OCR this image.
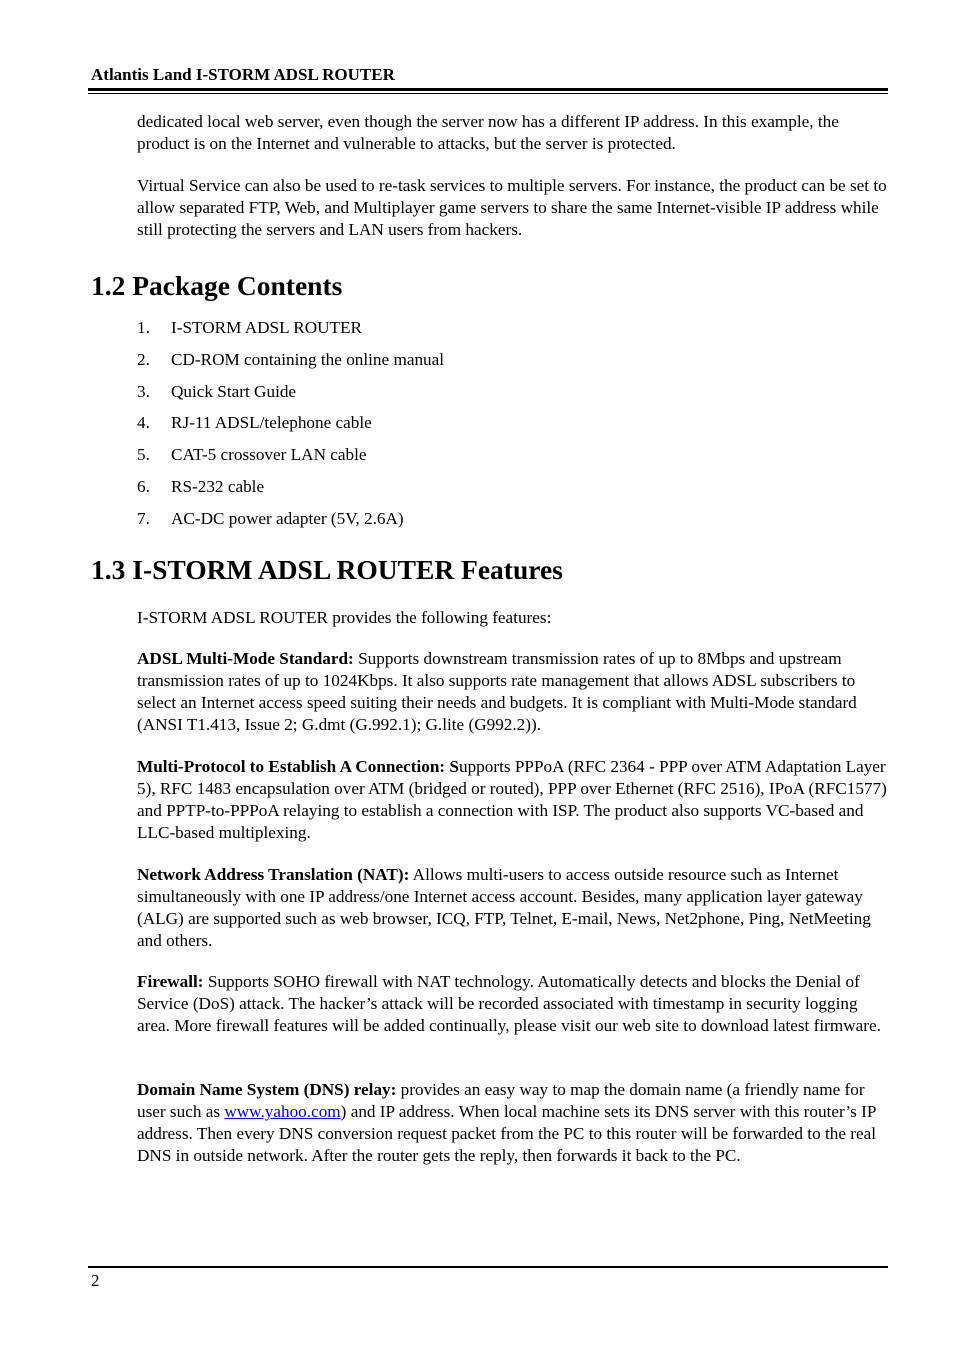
Atlantis Land I-STORM ADSL ROUTER
dedicated local web server, even though the server now has a different IP address. In this example, the product is on the Internet and vulnerable to attacks, but the server is protected.
Virtual Service can also be used to re-task services to multiple servers. For instance, the product can be set to allow separated FTP, Web, and Multiplayer game servers to share the same Internet-visible IP address while still protecting the servers and LAN users from hackers.
1.2 Package Contents
1. I-STORM ADSL ROUTER
2. CD-ROM containing the online manual
3. Quick Start Guide
4. RJ-11 ADSL/telephone cable
5. CAT-5 crossover LAN cable
6. RS-232 cable
7. AC-DC power adapter (5V, 2.6A)
1.3 I-STORM ADSL ROUTER Features
I-STORM ADSL ROUTER provides the following features:
ADSL Multi-Mode Standard: Supports downstream transmission rates of up to 8Mbps and upstream transmission rates of up to 1024Kbps. It also supports rate management that allows ADSL subscribers to select an Internet access speed suiting their needs and budgets. It is compliant with Multi-Mode standard (ANSI T1.413, Issue 2; G.dmt (G.992.1); G.lite (G992.2)).
Multi-Protocol to Establish A Connection: Supports PPPoA (RFC 2364 - PPP over ATM Adaptation Layer 5), RFC 1483 encapsulation over ATM (bridged or routed), PPP over Ethernet (RFC 2516), IPoA (RFC1577) and PPTP-to-PPPoA relaying to establish a connection with ISP. The product also supports VC-based and LLC-based multiplexing.
Network Address Translation (NAT): Allows multi-users to access outside resource such as Internet simultaneously with one IP address/one Internet access account. Besides, many application layer gateway (ALG) are supported such as web browser, ICQ, FTP, Telnet, E-mail, News, Net2phone, Ping, NetMeeting and others.
Firewall: Supports SOHO firewall with NAT technology. Automatically detects and blocks the Denial of Service (DoS) attack. The hacker’s attack will be recorded associated with timestamp in security logging area. More firewall features will be added continually, please visit our web site to download latest firmware.
Domain Name System (DNS) relay: provides an easy way to map the domain name (a friendly name for user such as www.yahoo.com) and IP address. When local machine sets its DNS server with this router’s IP address. Then every DNS conversion request packet from the PC to this router will be forwarded to the real DNS in outside network. After the router gets the reply, then forwards it back to the PC.
2
